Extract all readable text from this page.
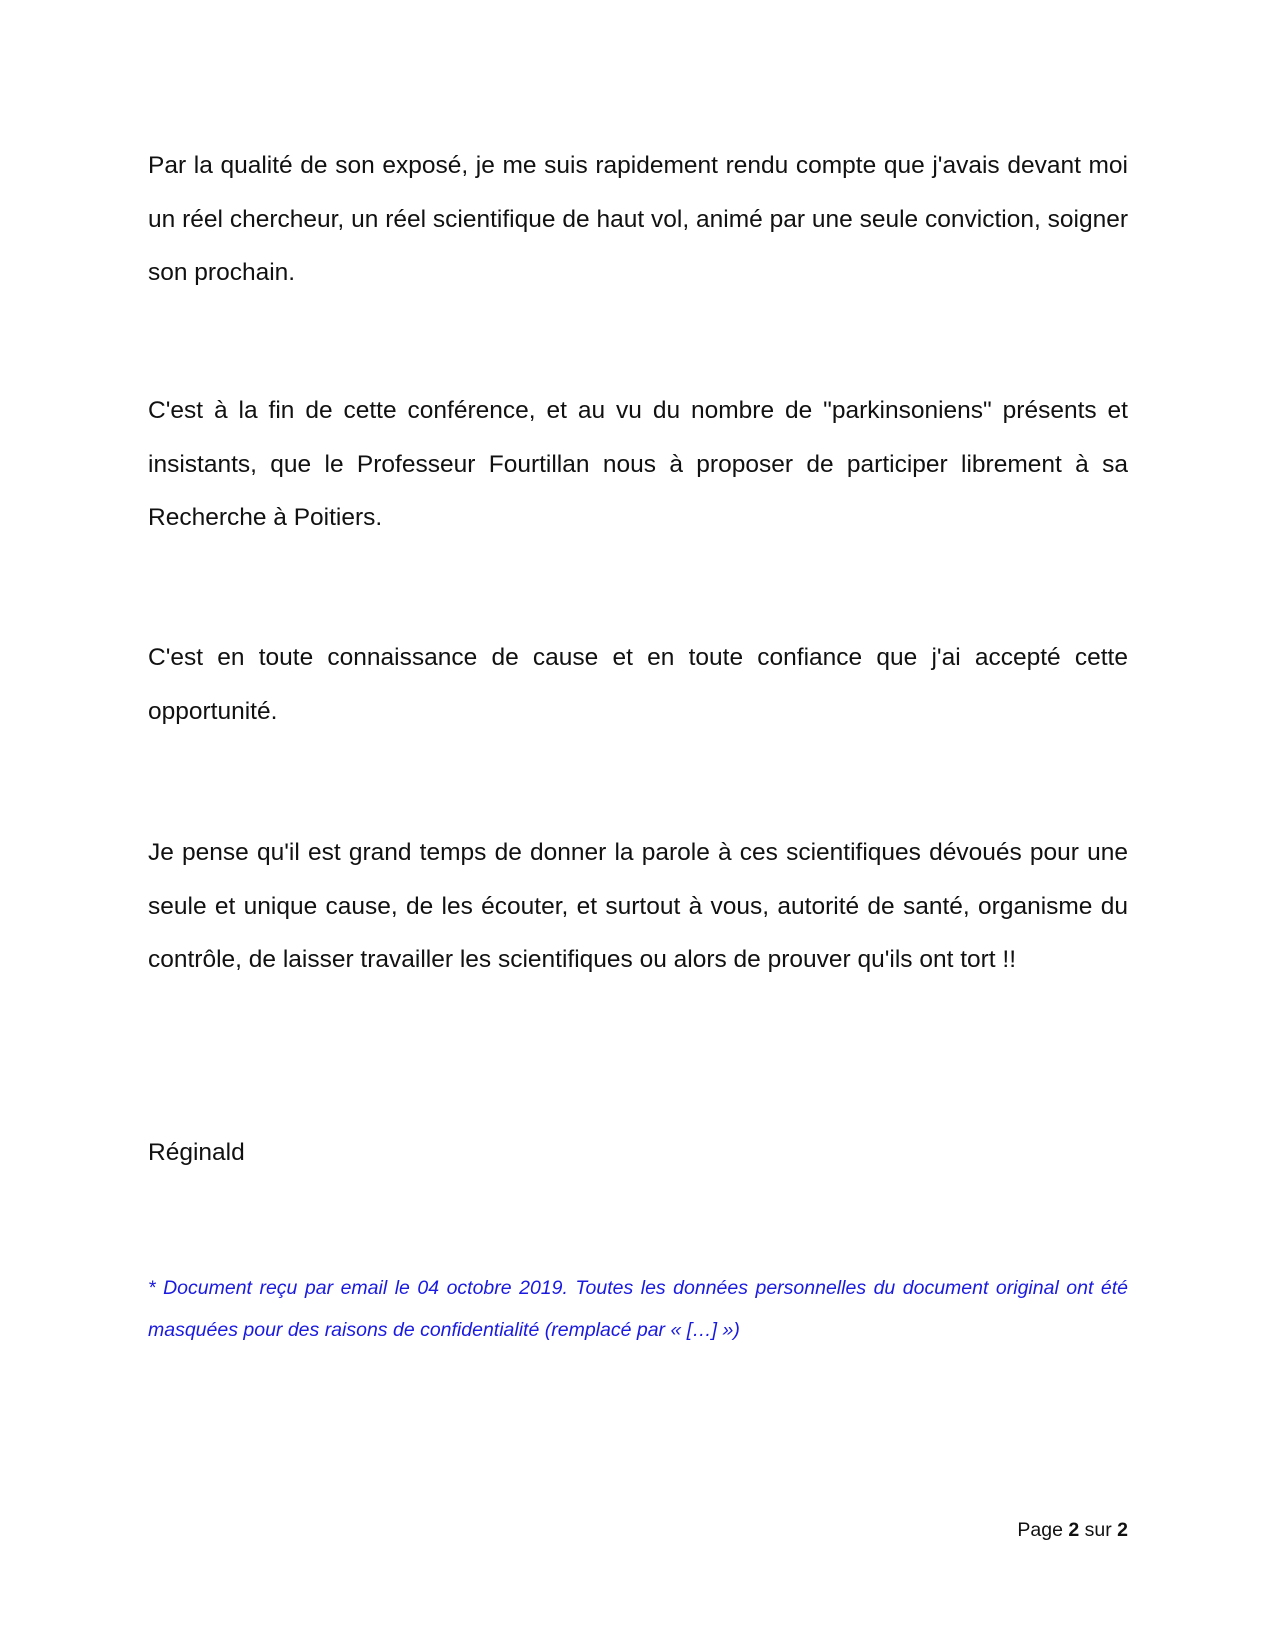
Par la qualité de son exposé, je me suis rapidement rendu compte que j'avais devant moi un réel chercheur, un réel scientifique de haut vol, animé par une seule conviction, soigner son prochain.

C'est à la fin de cette conférence, et au vu du nombre de "parkinsoniens" présents et insistants, que le Professeur Fourtillan nous à proposer de participer librement à sa Recherche à Poitiers.

C'est en toute connaissance de cause et en toute confiance que j'ai accepté cette opportunité.

Je pense qu'il est grand temps de donner la parole à ces scientifiques dévoués pour une seule et unique cause, de les écouter, et surtout à vous, autorité de santé, organisme du contrôle, de laisser travailler les scientifiques ou alors de prouver qu'ils ont tort !!

Réginald

* Document reçu par email le 04 octobre 2019. Toutes les données personnelles du document original ont été masquées pour des raisons de confidentialité (remplacé par « […] »)

Page 2 sur 2
